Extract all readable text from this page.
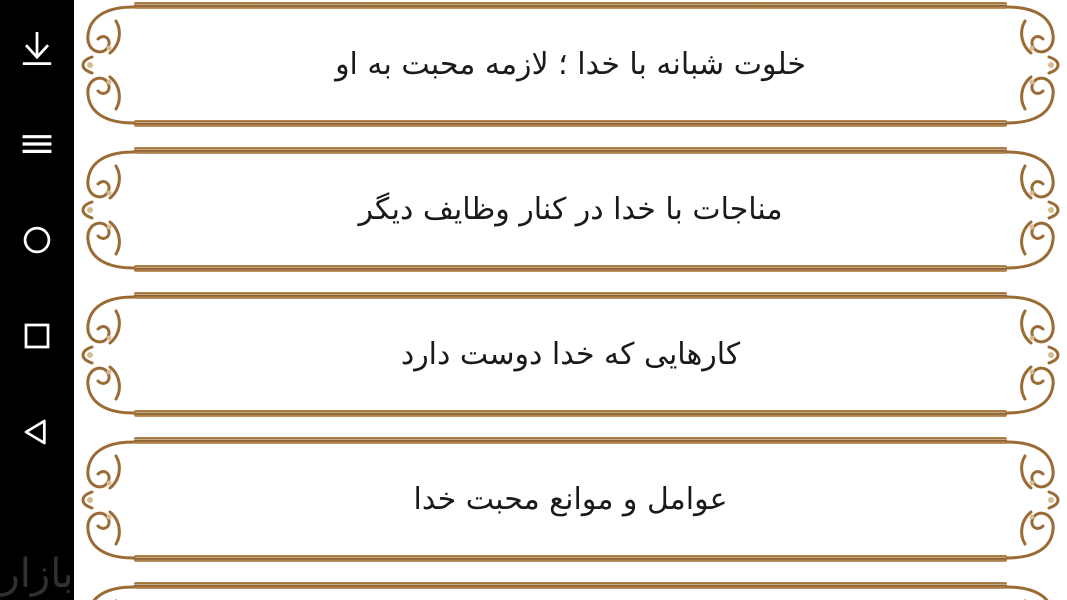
خلوت شبانه با خدا ؛ لازمه محبت به او
مناجات با خدا در کنار وظایف دیگر
کارهایی که خدا دوست دارد
عوامل و موانع محبت خدا
بازار
